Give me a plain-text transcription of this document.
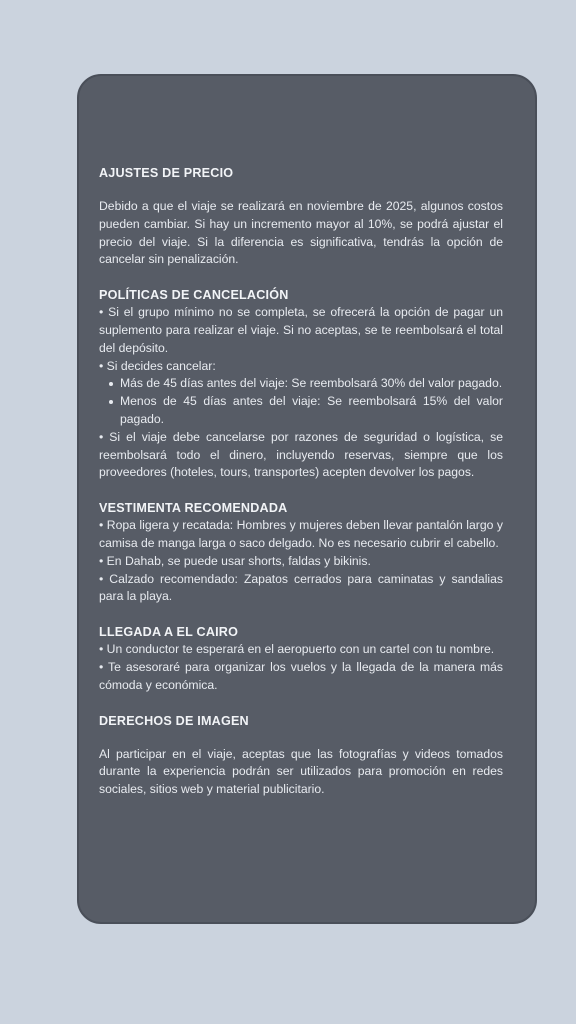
AJUSTES DE PRECIO

Debido a que el viaje se realizará en noviembre de 2025, algunos costos pueden cambiar. Si hay un incremento mayor al 10%, se podrá ajustar el precio del viaje. Si la diferencia es significativa, tendrás la opción de cancelar sin penalización.

POLÍTICAS DE CANCELACIÓN

• Si el grupo mínimo no se completa, se ofrecerá la opción de pagar un suplemento para realizar el viaje. Si no aceptas, se te reembolsará el total del depósito.

• Si decides cancelar:

Más de 45 días antes del viaje: Se reembolsará 30% del valor pagado.
Menos de 45 días antes del viaje: Se reembolsará 15% del valor pagado.

• Si el viaje debe cancelarse por razones de seguridad o logística, se reembolsará todo el dinero, incluyendo reservas, siempre que los proveedores (hoteles, tours, transportes) acepten devolver los pagos.

VESTIMENTA RECOMENDADA

• Ropa ligera y recatada: Hombres y mujeres deben llevar pantalón largo y camisa de manga larga o saco delgado. No es necesario cubrir el cabello.

• En Dahab, se puede usar shorts, faldas y bikinis.

• Calzado recomendado: Zapatos cerrados para caminatas y sandalias para la playa.

LLEGADA A EL CAIRO

• Un conductor te esperará en el aeropuerto con un cartel con tu nombre.

• Te asesoraré para organizar los vuelos y la llegada de la manera más cómoda y económica.

DERECHOS DE IMAGEN

Al participar en el viaje, aceptas que las fotografías y videos tomados durante la experiencia podrán ser utilizados para promoción en redes sociales, sitios web y material publicitario.
